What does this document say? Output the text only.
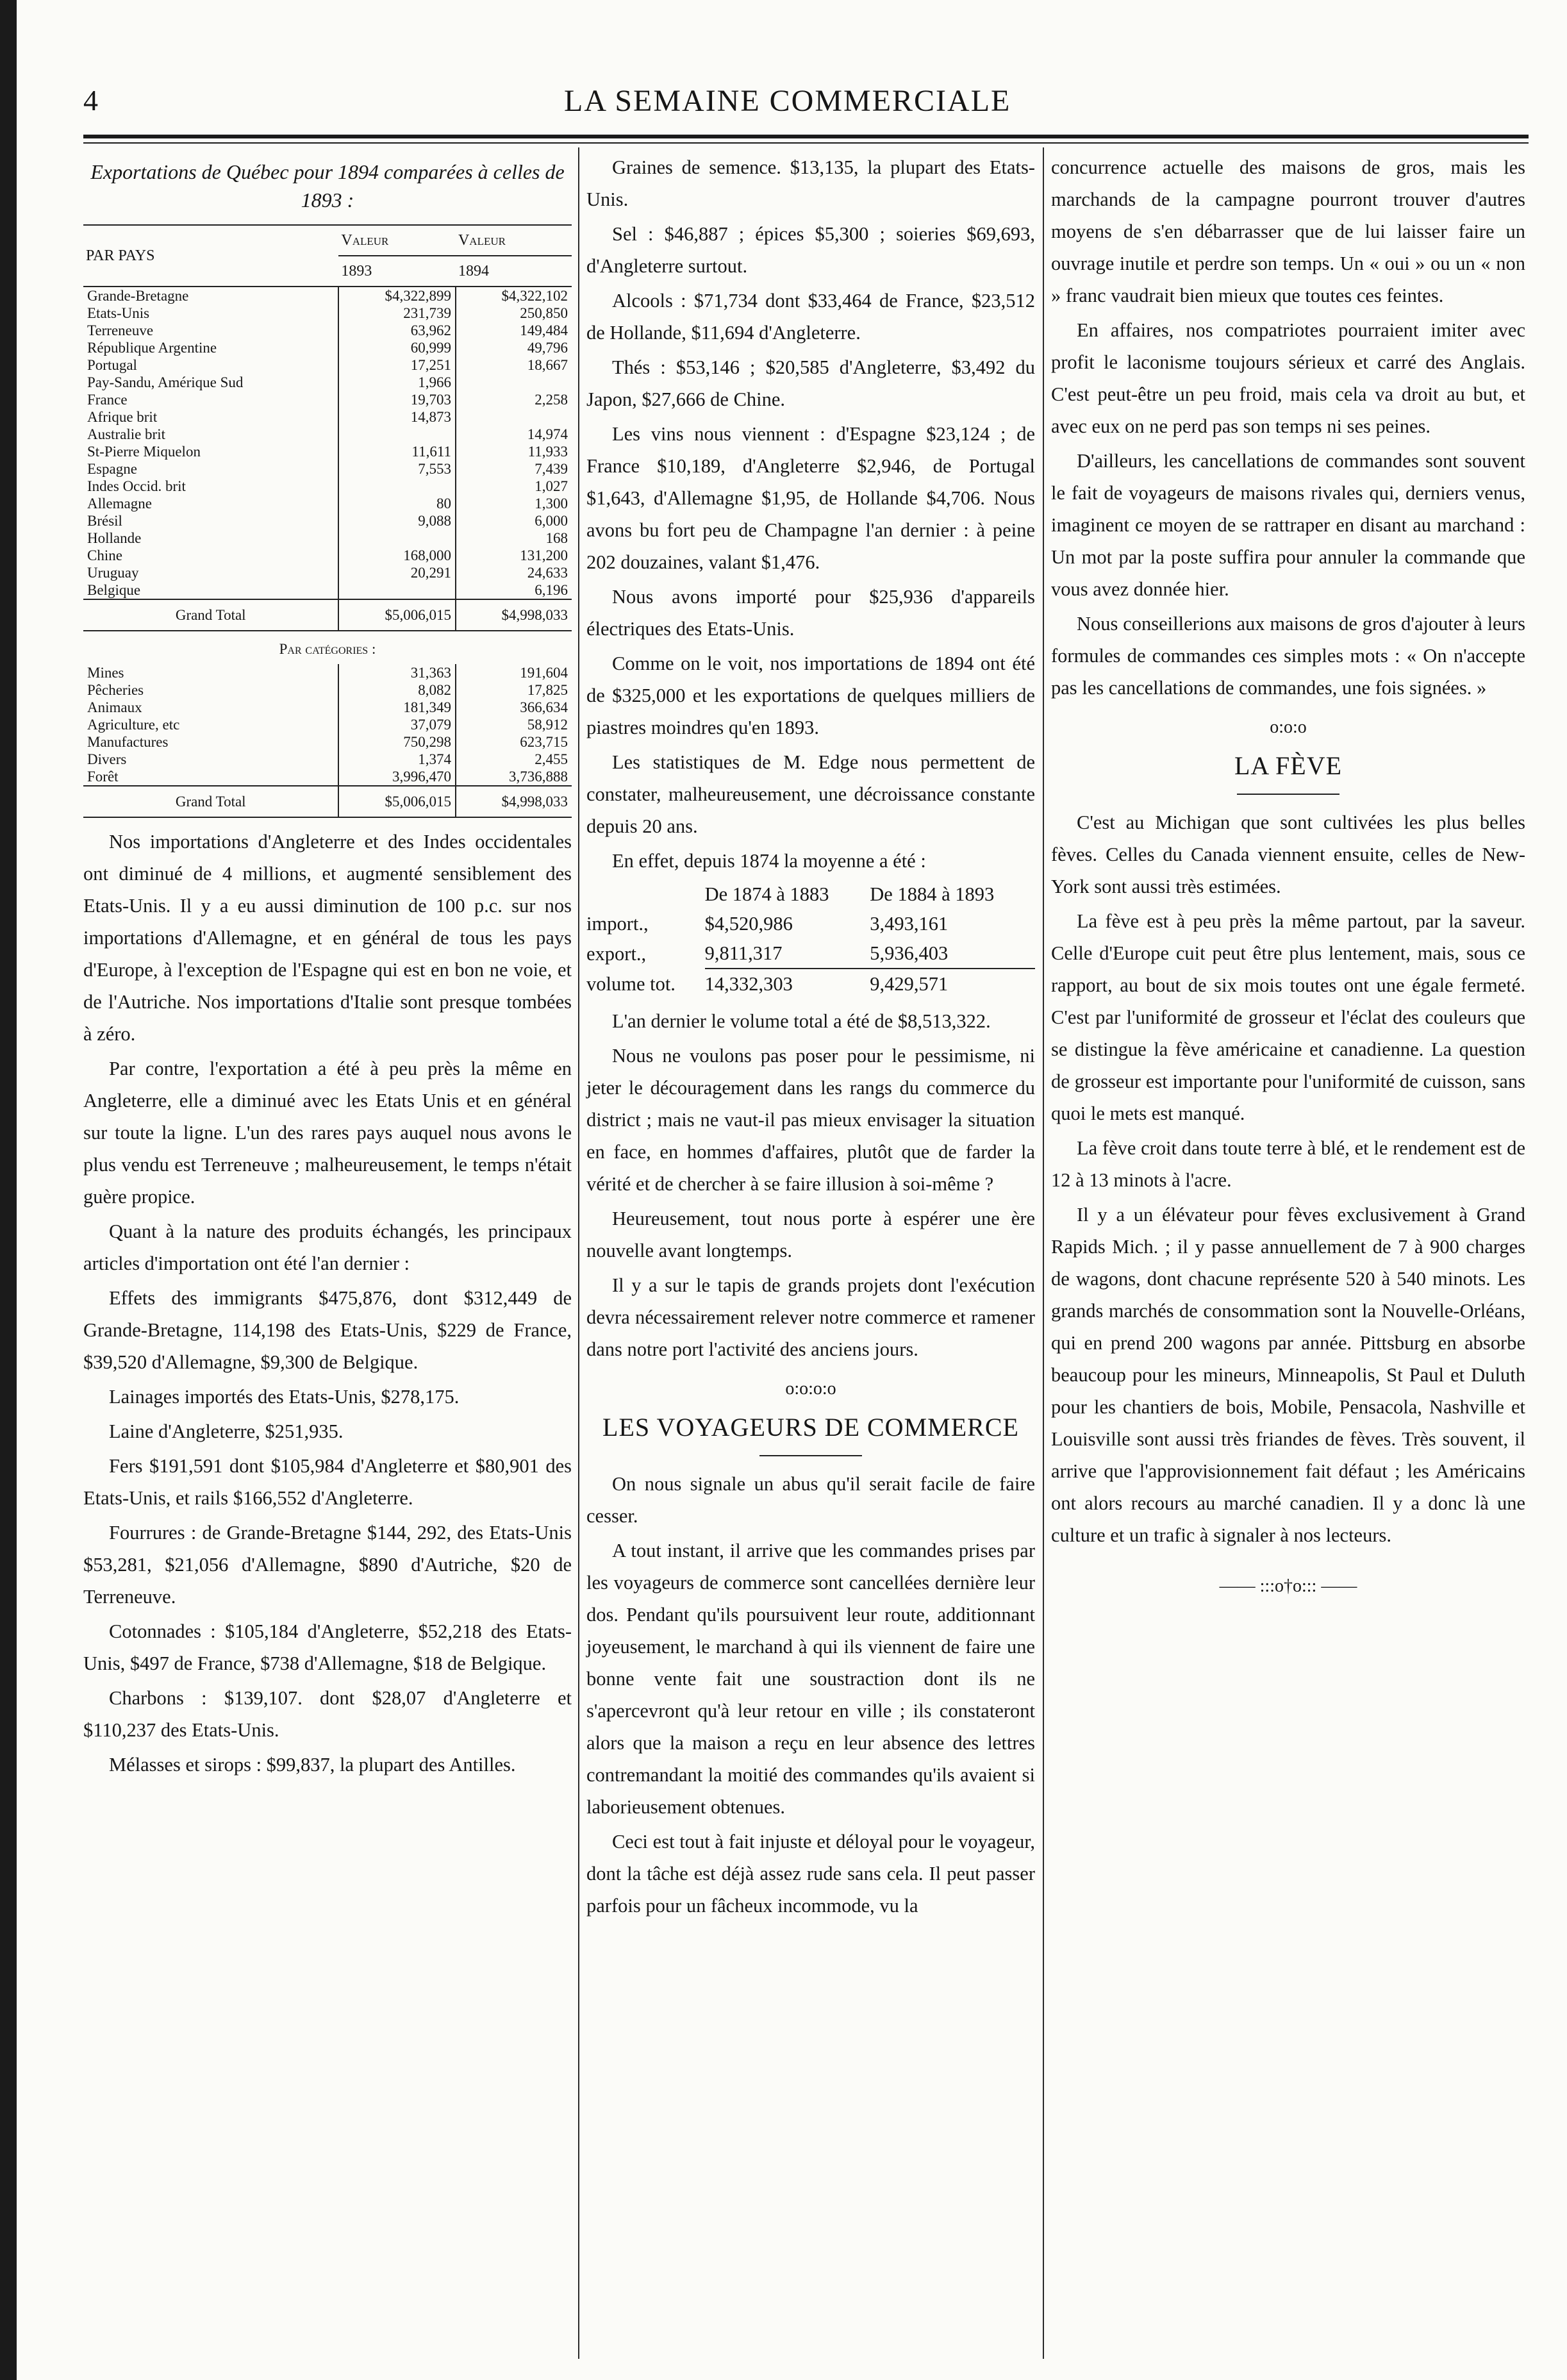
4	LA SEMAINE COMMERCIALE
Exportations de Québec pour 1894 comparées à celles de 1893 :
PAR PAYS	Valeur	Valeur
	1893	1894
Grande-Bretagne	$4,322,899	$4,322,102
Etats-Unis	231,739	250,850
Terreneuve	63,962	149,484
République Argentine	60,999	49,796
Portugal	17,251	18,667
Pay-Sandu, Amérique Sud	1,966	
France	19,703	2,258
Afrique brit	14,873	
Australie brit		14,974
St-Pierre Miquelon	11,611	11,933
Espagne	7,553	7,439
Indes Occid. brit		1,027
Allemagne	80	1,300
Brésil	9,088	6,000
Hollande		168
Chine	168,000	131,200
Uruguay	20,291	24,633
Belgique		6,196
Grand Total	$5,006,015	$4,998,033
Par catégories :		
Mines	31,363	191,604
Pêcheries	8,082	17,825
Animaux	181,349	366,634
Agriculture, etc	37,079	58,912
Manufactures	750,298	623,715
Divers	1,374	2,455
Forêt	3,996,470	3,736,888
Grand Total	$5,006,015	$4,998,033

Nos importations d'Angleterre et des Indes occidentales ont diminué de 4 millions, et augmenté sensiblement des Etats-Unis. Il y a eu aussi diminution de 100 p.c. sur nos importations d'Allemagne, et en général de tous les pays d'Europe, à l'exception de l'Espagne qui est en bon ne voie, et de l'Autriche. Nos importations d'Italie sont presque tombées à zéro.

Par contre, l'exportation a été à peu près la même en Angleterre, elle a diminué avec les Etats Unis et en général sur toute la ligne. L'un des rares pays auquel nous avons le plus vendu est Terreneuve ; malheureusement, le temps n'était guère propice.

Quant à la nature des produits échangés, les principaux articles d'importation ont été l'an dernier :

Effets des immigrants $475,876, dont $312,449 de Grande-Bretagne, 114,198 des Etats-Unis, $229 de France, $39,520 d'Allemagne, $9,300 de Belgique.

Lainages importés des Etats-Unis, $278,175.

Laine d'Angleterre, $251,935.

Fers $191,591 dont $105,984 d'Angleterre et $80,901 des Etats-Unis, et rails $166,552 d'Angleterre.

Fourrures : de Grande-Bretagne $144, 292, des Etats-Unis $53,281, $21,056 d'Allemagne, $890 d'Autriche, $20 de Terreneuve.

Cotonnades : $105,184 d'Angleterre, $52,218 des Etats-Unis, $497 de France, $738 d'Allemagne, $18 de Belgique.

Charbons : $139,107. dont $28,07 d'Angleterre et $110,237 des Etats-Unis.

Mélasses et sirops : $99,837, la plupart des Antilles.

Graines de semence. $13,135, la plupart des Etats-Unis.

Sel : $46,887 ; épices $5,300 ; soieries $69,693, d'Angleterre surtout.

Alcools : $71,734 dont $33,464 de France, $23,512 de Hollande, $11,694 d'Angleterre.

Thés : $53,146 ; $20,585 d'Angleterre, $3,492 du Japon, $27,666 de Chine.

Les vins nous viennent : d'Espagne $23,124 ; de France $10,189, d'Angleterre $2,946, de Portugal $1,643, d'Allemagne $1,95, de Hollande $4,706. Nous avons bu fort peu de Champagne l'an dernier : à peine 202 douzaines, valant $1,476.

Nous avons importé pour $25,936 d'appareils électriques des Etats-Unis.

Comme on le voit, nos importations de 1894 ont été de $325,000 et les exportations de quelques milliers de piastres moindres qu'en 1893.

Les statistiques de M. Edge nous permettent de constater, malheureusement, une décroissance constante depuis 20 ans.

En effet, depuis 1874 la moyenne a été :

	De 1874 à 1883	De 1884 à 1893
import.,	$4,520,986	3,493,161
export.,	9,811,317	5,936,403
volume tot.	14,332,303	9,429,571

L'an dernier le volume total a été de $8,513,322.

Nous ne voulons pas poser pour le pessimisme, ni jeter le découragement dans les rangs du commerce du district ; mais ne vaut-il pas mieux envisager la situation en face, en hommes d'affaires, plutôt que de farder la vérité et de chercher à se faire illusion à soi-même ?

Heureusement, tout nous porte à espérer une ère nouvelle avant longtemps.

Il y a sur le tapis de grands projets dont l'exécution devra nécessairement relever notre commerce et ramener dans notre port l'activité des anciens jours.

o:o:o:o
LES VOYAGEURS DE COMMERCE

On nous signale un abus qu'il serait facile de faire cesser.

A tout instant, il arrive que les commandes prises par les voyageurs de commerce sont cancellées dernière leur dos. Pendant qu'ils poursuivent leur route, additionnant joyeusement, le marchand à qui ils viennent de faire une bonne vente fait une soustraction dont ils ne s'apercevront qu'à leur retour en ville ; ils constateront alors que la maison a reçu en leur absence des lettres contremandant la moitié des commandes qu'ils avaient si laborieusement obtenues.

Ceci est tout à fait injuste et déloyal pour le voyageur, dont la tâche est déjà assez rude sans cela. Il peut passer parfois pour un fâcheux incommode, vu la

concurrence actuelle des maisons de gros, mais les marchands de la campagne pourront trouver d'autres moyens de s'en débarrasser que de lui laisser faire un ouvrage inutile et perdre son temps. Un « oui » ou un « non » franc vaudrait bien mieux que toutes ces feintes.

En affaires, nos compatriotes pourraient imiter avec profit le laconisme toujours sérieux et carré des Anglais. C'est peut-être un peu froid, mais cela va droit au but, et avec eux on ne perd pas son temps ni ses peines.

D'ailleurs, les cancellations de commandes sont souvent le fait de voyageurs de maisons rivales qui, derniers venus, imaginent ce moyen de se rattraper en disant au marchand : Un mot par la poste suffira pour annuler la commande que vous avez donnée hier.

Nous conseillerions aux maisons de gros d'ajouter à leurs formules de commandes ces simples mots : « On n'accepte pas les cancellations de commandes, une fois signées. »

o:o:o
LA FÈVE

C'est au Michigan que sont cultivées les plus belles fèves. Celles du Canada viennent ensuite, celles de New-York sont aussi très estimées.

La fève est à peu près la même partout, par la saveur. Celle d'Europe cuit peut être plus lentement, mais, sous ce rapport, au bout de six mois toutes ont une égale fermeté. C'est par l'uniformité de grosseur et l'éclat des couleurs que se distingue la fève américaine et canadienne. La question de grosseur est importante pour l'uniformité de cuisson, sans quoi le mets est manqué.

La fève croit dans toute terre à blé, et le rendement est de 12 à 13 minots à l'acre.

Il y a un élévateur pour fèves exclusivement à Grand Rapids Mich. ; il y passe annuellement de 7 à 900 charges de wagons, dont chacune représente 520 à 540 minots. Les grands marchés de consommation sont la Nouvelle-Orléans, qui en prend 200 wagons par année. Pittsburg en absorbe beaucoup pour les mineurs, Minneapolis, St Paul et Duluth pour les chantiers de bois, Mobile, Pensacola, Nashville et Louisville sont aussi très friandes de fèves. Très souvent, il arrive que l'approvisionnement fait défaut ; les Américains ont alors recours au marché canadien. Il y a donc là une culture et un trafic à signaler à nos lecteurs.

—— :::o†o::: ——
